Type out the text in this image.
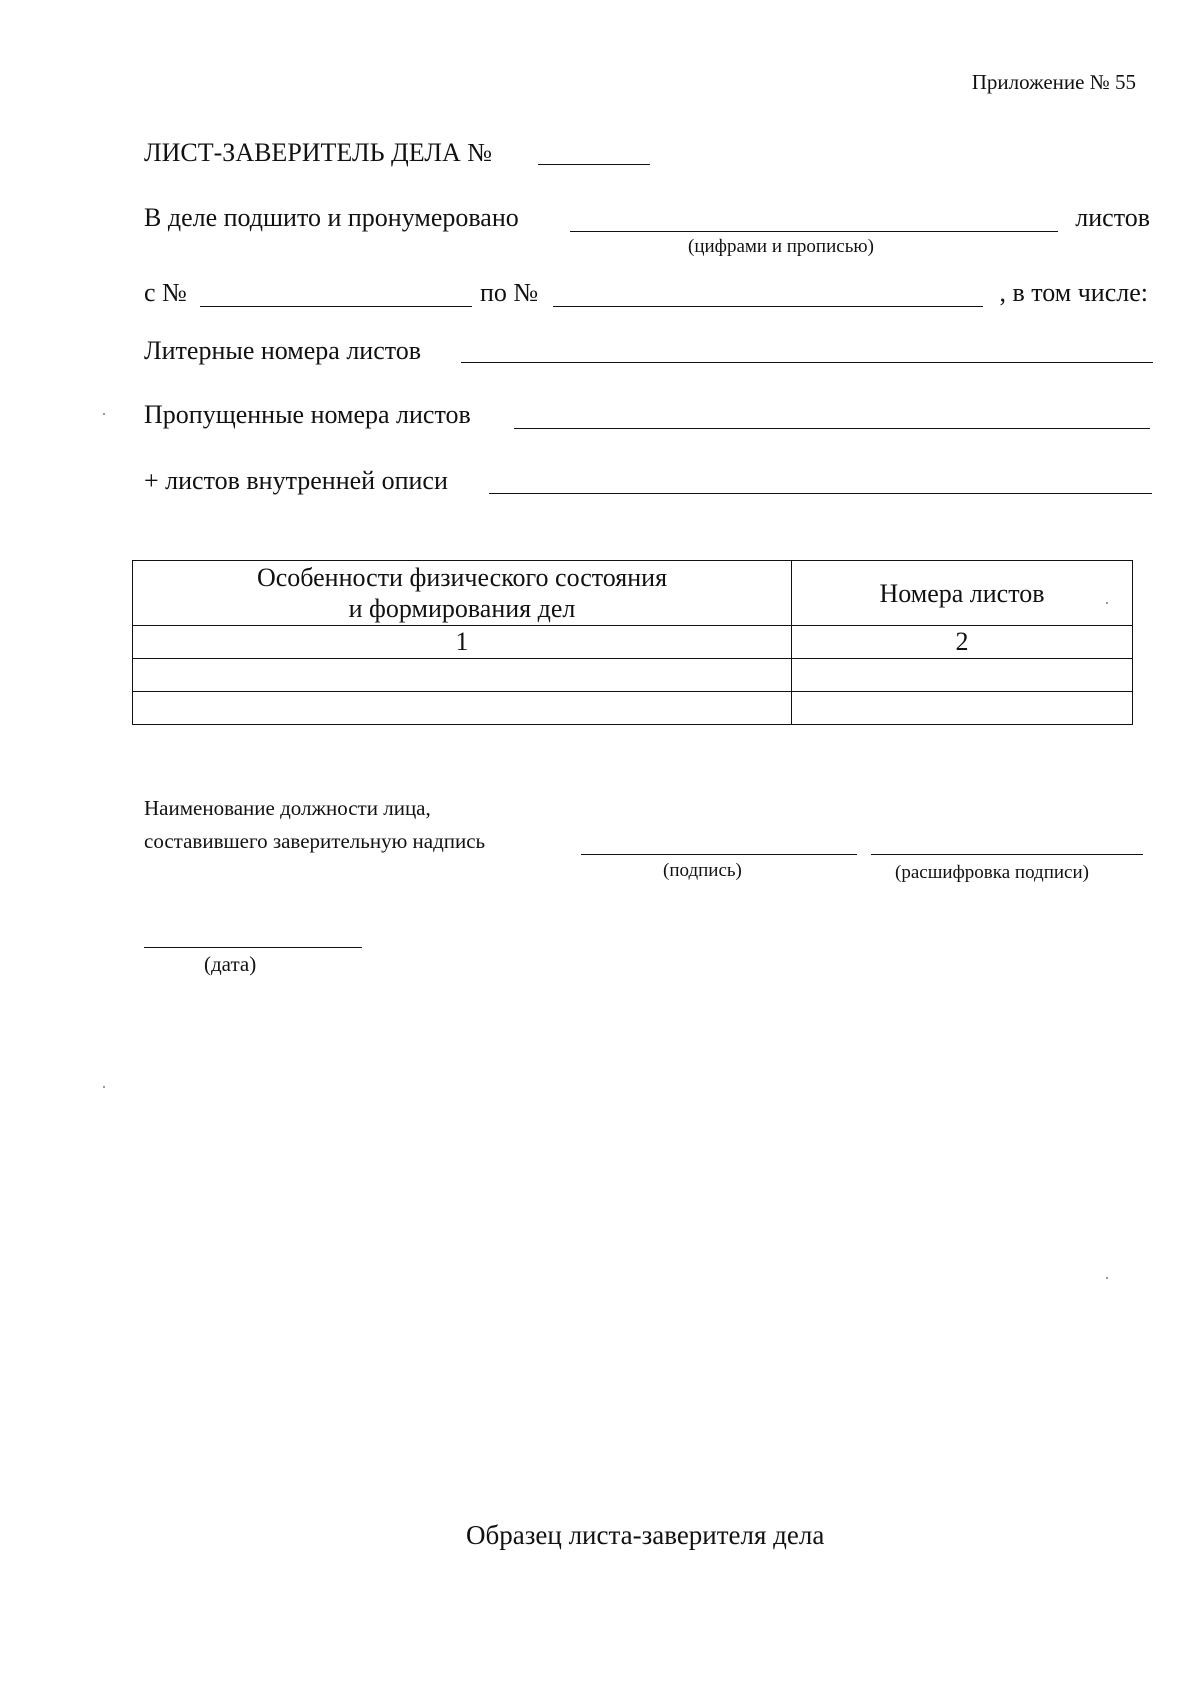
Приложение № 55
ЛИСТ-ЗАВЕРИТЕЛЬ ДЕЛА №
В деле подшито и пронумеровано	листов
(цифрами и прописью)
с №	по №	, в том числе:
Литерные номера листов
Пропущенные номера листов
+ листов внутренней описи
Особенности физического состояния
и формирования дел	Номера листов
1	2

Наименование должности лица,
составившего заверительную надпись
(подпись)	(расшифровка подписи)
(дата)
Образец листа-заверителя дела
